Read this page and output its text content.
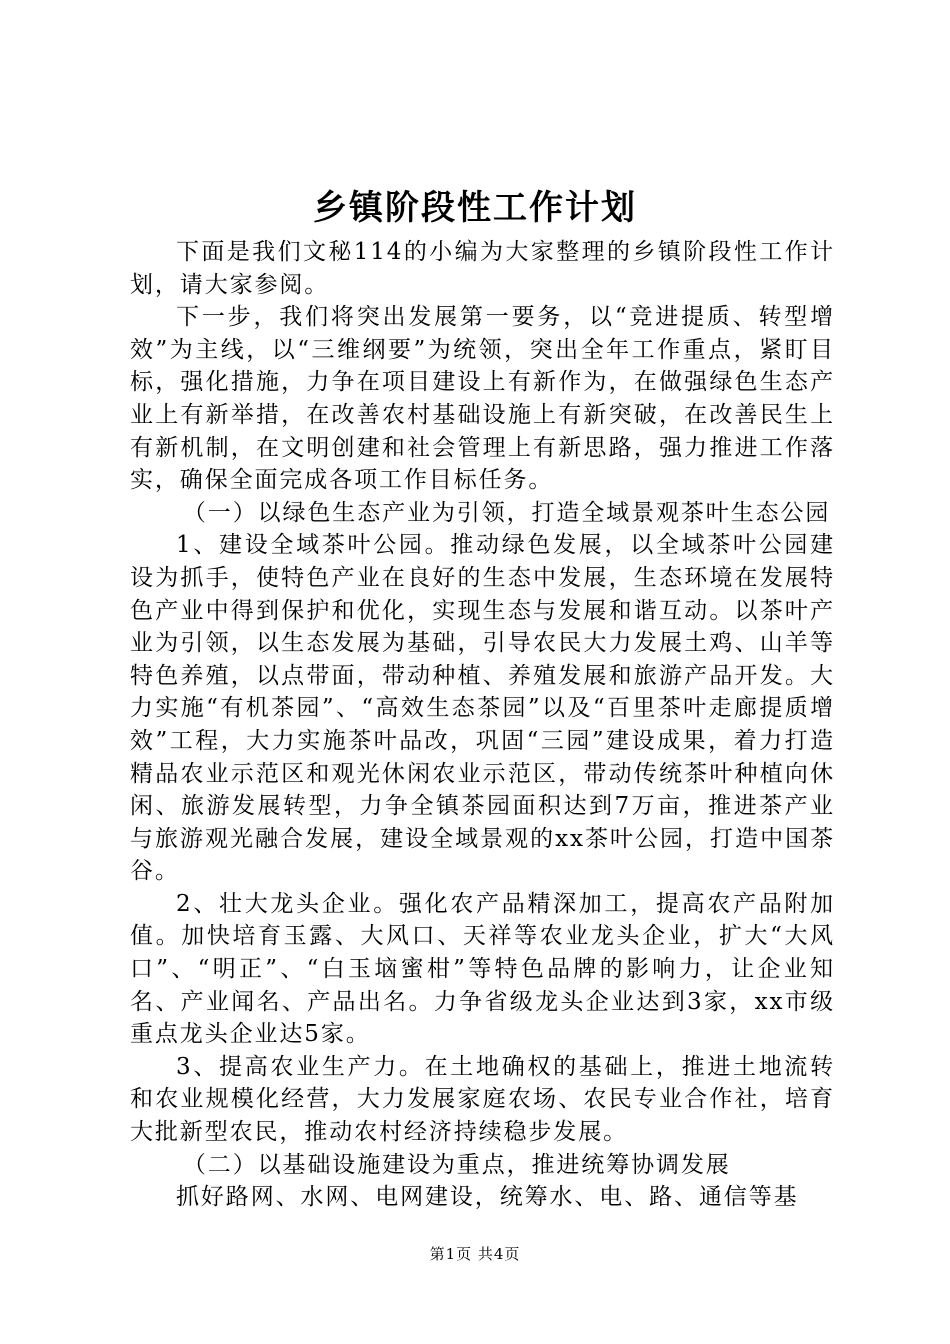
乡镇阶段性工作计划

下面是我们文秘114的小编为大家整理的乡镇阶段性工作计划，请大家参阅。

下一步，我们将突出发展第一要务，以“竞进提质、转型增效”为主线，以“三维纲要”为统领，突出全年工作重点，紧盯目标，强化措施，力争在项目建设上有新作为，在做强绿色生态产业上有新举措，在改善农村基础设施上有新突破，在改善民生上有新机制，在文明创建和社会管理上有新思路，强力推进工作落实，确保全面完成各项工作目标任务。

（一）以绿色生态产业为引领，打造全域景观茶叶生态公园

1、建设全域茶叶公园。推动绿色发展，以全域茶叶公园建设为抓手，使特色产业在良好的生态中发展，生态环境在发展特色产业中得到保护和优化，实现生态与发展和谐互动。以茶叶产业为引领，以生态发展为基础，引导农民大力发展土鸡、山羊等特色养殖，以点带面，带动种植、养殖发展和旅游产品开发。大力实施“有机茶园”、“高效生态茶园”以及“百里茶叶走廊提质增效”工程，大力实施茶叶品改，巩固“三园”建设成果，着力打造精品农业示范区和观光休闲农业示范区，带动传统茶叶种植向休闲、旅游发展转型，力争全镇茶园面积达到7万亩，推进茶产业与旅游观光融合发展，建设全域景观的xx茶叶公园，打造中国茶谷。

2、壮大龙头企业。强化农产品精深加工，提高农产品附加值。加快培育玉露、大风口、天祥等农业龙头企业，扩大“大风口”、“明正”、“白玉垴蜜柑”等特色品牌的影响力，让企业知名、产业闻名、产品出名。力争省级龙头企业达到3家，xx市级重点龙头企业达5家。

3、提高农业生产力。在土地确权的基础上，推进土地流转和农业规模化经营，大力发展家庭农场、农民专业合作社，培育大批新型农民，推动农村经济持续稳步发展。

（二）以基础设施建设为重点，推进统筹协调发展

抓好路网、水网、电网建设，统筹水、电、路、通信等基

第1页 共4页
